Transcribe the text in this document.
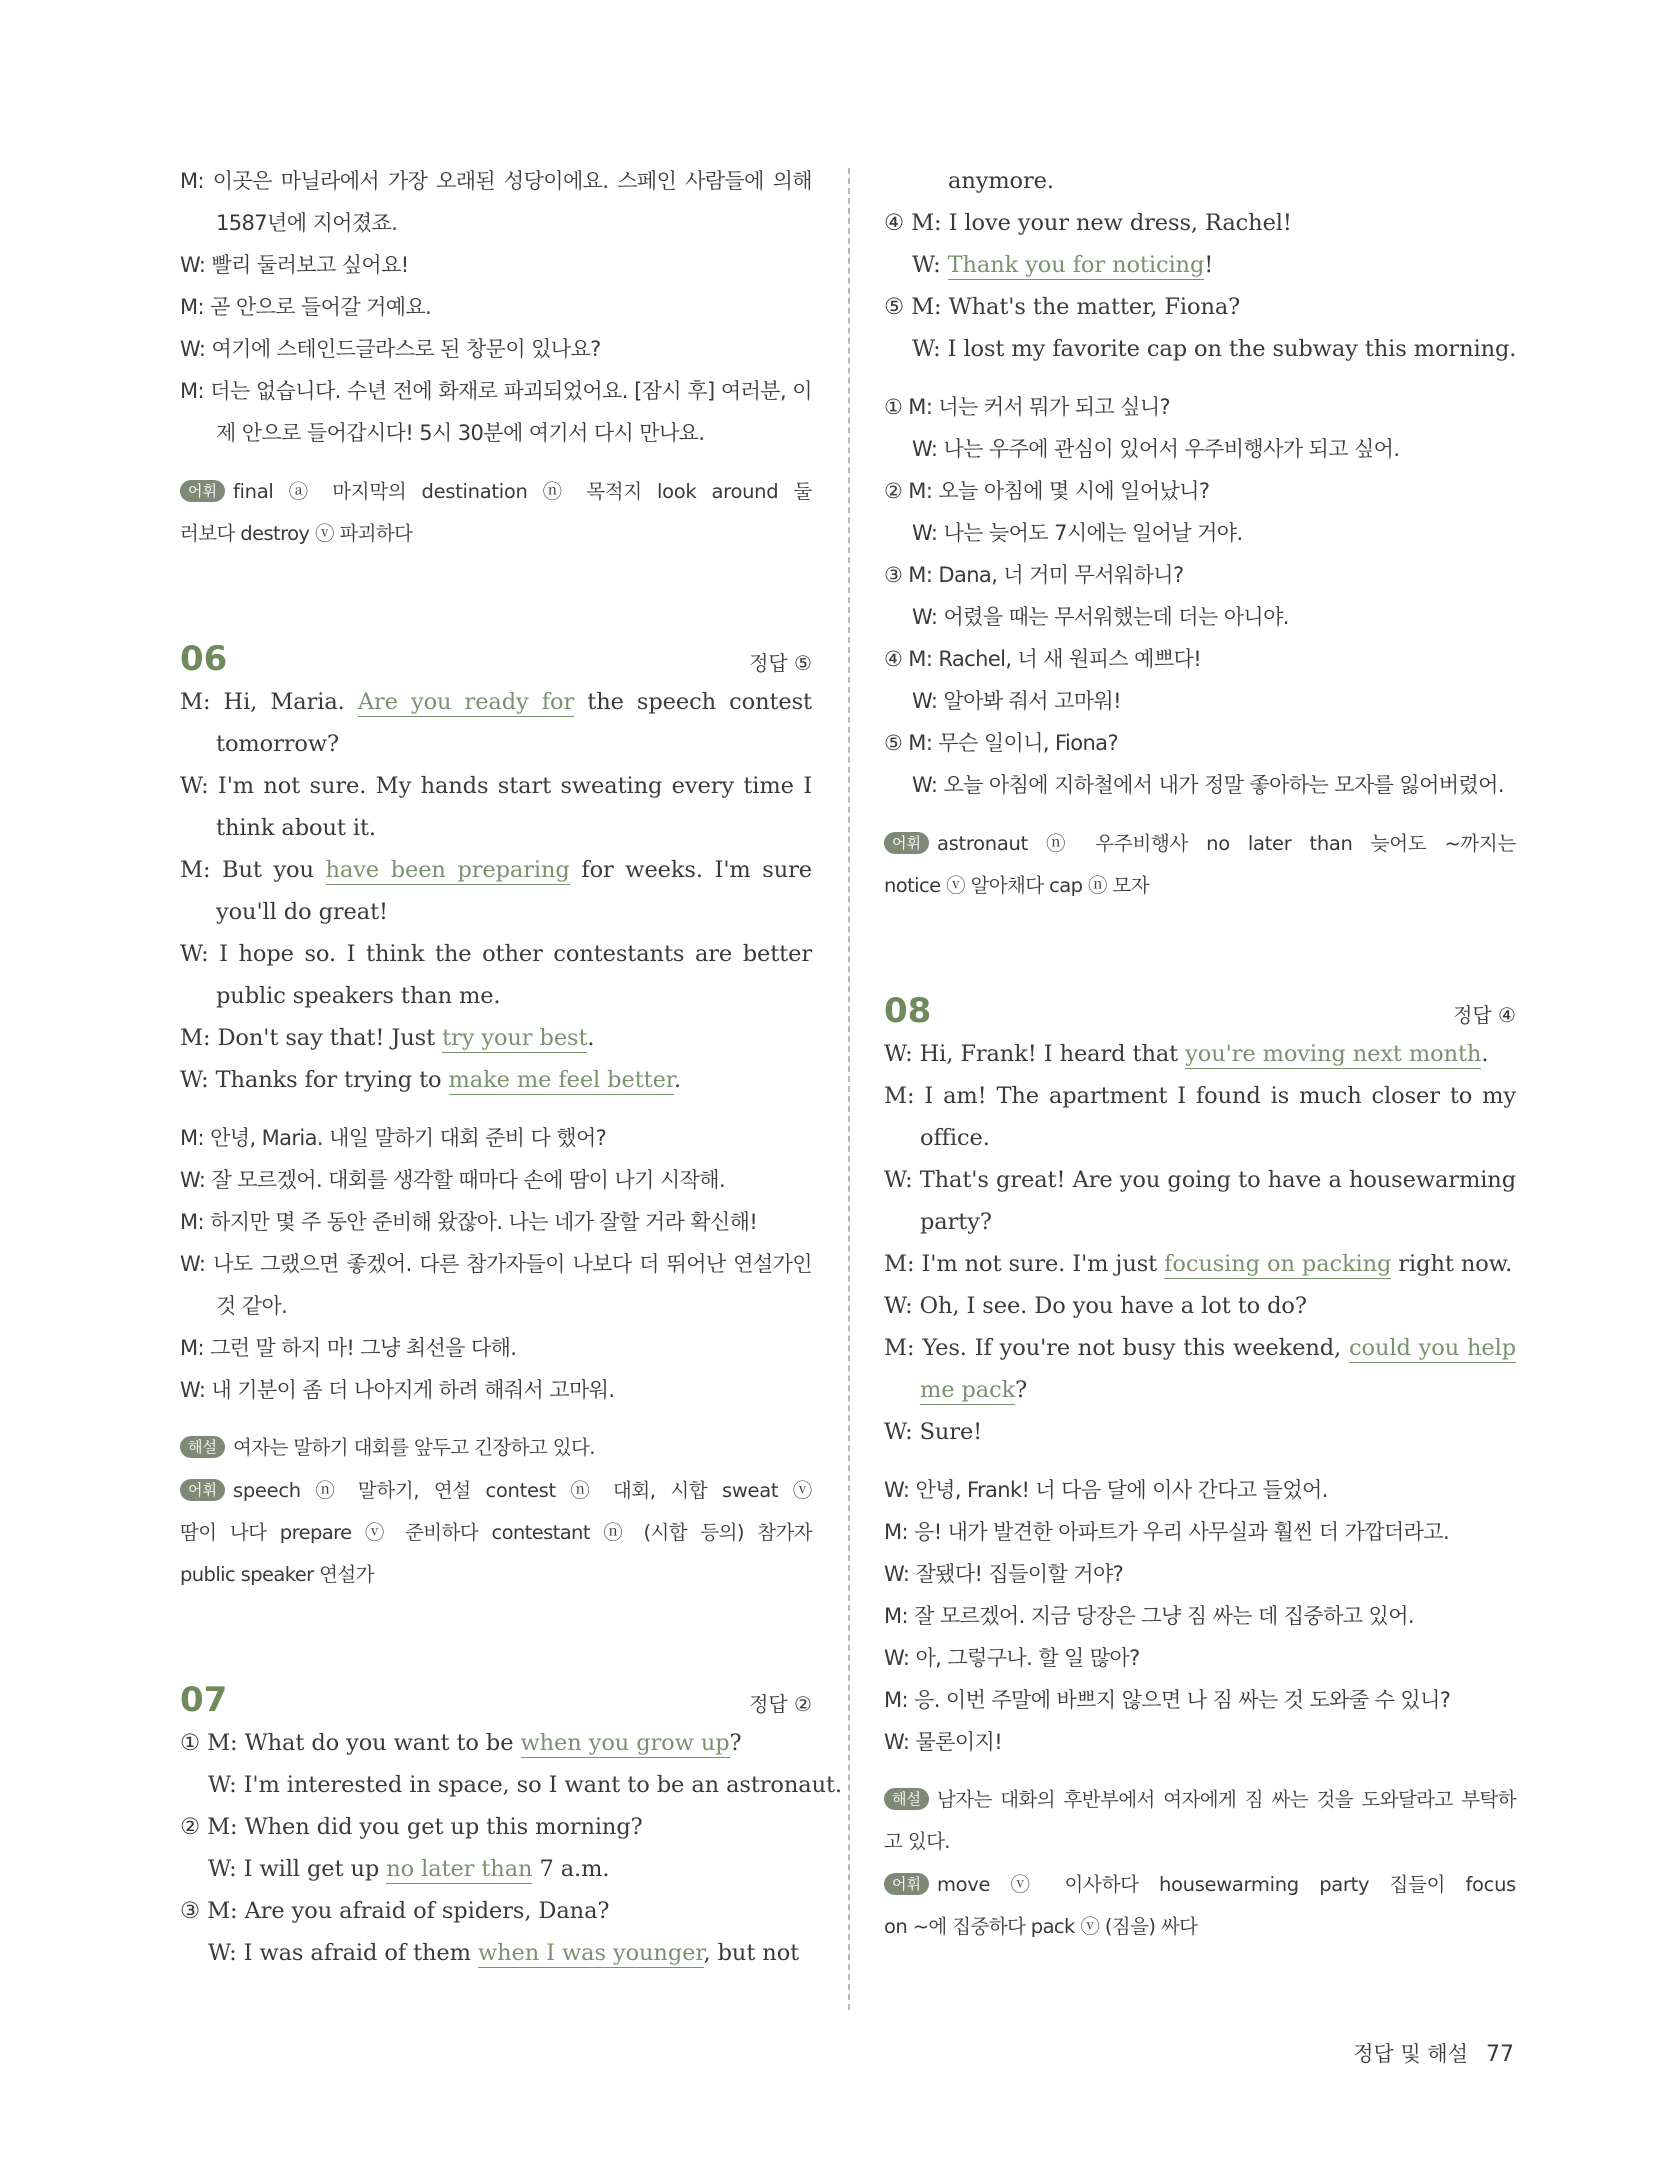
M: 이곳은 마닐라에서 가장 오래된 성당이에요. 스페인 사람들에 의해
1587년에 지어졌죠.
W: 빨리 둘러보고 싶어요!
M: 곧 안으로 들어갈 거예요.
W: 여기에 스테인드글라스로 된 창문이 있나요?
M: 더는 없습니다. 수년 전에 화재로 파괴되었어요. [잠시 후] 여러분, 이
제 안으로 들어갑시다! 5시 30분에 여기서 다시 만나요.
어휘 final ⓐ 마지막의 destination ⓝ 목적지 look around 둘
러보다 destroy ⓥ 파괴하다
06	정답 ⑤
M: Hi, Maria. Are you ready for the speech contest
tomorrow?
W: I'm not sure. My hands start sweating every time I
think about it.
M: But you have been preparing for weeks. I'm sure
you'll do great!
W: I hope so. I think the other contestants are better
public speakers than me.
M: Don't say that! Just try your best.
W: Thanks for trying to make me feel better.
M: 안녕, Maria. 내일 말하기 대회 준비 다 했어?
W: 잘 모르겠어. 대회를 생각할 때마다 손에 땀이 나기 시작해.
M: 하지만 몇 주 동안 준비해 왔잖아. 나는 네가 잘할 거라 확신해!
W: 나도 그랬으면 좋겠어. 다른 참가자들이 나보다 더 뛰어난 연설가인
것 같아.
M: 그런 말 하지 마! 그냥 최선을 다해.
W: 내 기분이 좀 더 나아지게 하려 해줘서 고마워.
해설 여자는 말하기 대회를 앞두고 긴장하고 있다.
어휘 speech ⓝ 말하기, 연설 contest ⓝ 대회, 시합 sweat ⓥ
땀이 나다 prepare ⓥ 준비하다 contestant ⓝ (시합 등의) 참가자
public speaker 연설가
07	정답 ②
① M: What do you want to be when you grow up?
W: I'm interested in space, so I want to be an astronaut.
② M: When did you get up this morning?
W: I will get up no later than 7 a.m.
③ M: Are you afraid of spiders, Dana?
W: I was afraid of them when I was younger, but not
anymore.
④ M: I love your new dress, Rachel!
W: Thank you for noticing!
⑤ M: What's the matter, Fiona?
W: I lost my favorite cap on the subway this morning.
① M: 너는 커서 뭐가 되고 싶니?
W: 나는 우주에 관심이 있어서 우주비행사가 되고 싶어.
② M: 오늘 아침에 몇 시에 일어났니?
W: 나는 늦어도 7시에는 일어날 거야.
③ M: Dana, 너 거미 무서워하니?
W: 어렸을 때는 무서워했는데 더는 아니야.
④ M: Rachel, 너 새 원피스 예쁘다!
W: 알아봐 줘서 고마워!
⑤ M: 무슨 일이니, Fiona?
W: 오늘 아침에 지하철에서 내가 정말 좋아하는 모자를 잃어버렸어.
어휘 astronaut ⓝ 우주비행사 no later than 늦어도 ~까지는
notice ⓥ 알아채다 cap ⓝ 모자
08	정답 ④
W: Hi, Frank! I heard that you're moving next month.
M: I am! The apartment I found is much closer to my
office.
W: That's great! Are you going to have a housewarming
party?
M: I'm not sure. I'm just focusing on packing right now.
W: Oh, I see. Do you have a lot to do?
M: Yes. If you're not busy this weekend, could you help
me pack?
W: Sure!
W: 안녕, Frank! 너 다음 달에 이사 간다고 들었어.
M: 응! 내가 발견한 아파트가 우리 사무실과 훨씬 더 가깝더라고.
W: 잘됐다! 집들이할 거야?
M: 잘 모르겠어. 지금 당장은 그냥 짐 싸는 데 집중하고 있어.
W: 아, 그렇구나. 할 일 많아?
M: 응. 이번 주말에 바쁘지 않으면 나 짐 싸는 것 도와줄 수 있니?
W: 물론이지!
해설 남자는 대화의 후반부에서 여자에게 짐 싸는 것을 도와달라고 부탁하
고 있다.
어휘 move ⓥ 이사하다 housewarming party 집들이 focus
on ~에 집중하다 pack ⓥ (짐을) 싸다
정답 및 해설 77
